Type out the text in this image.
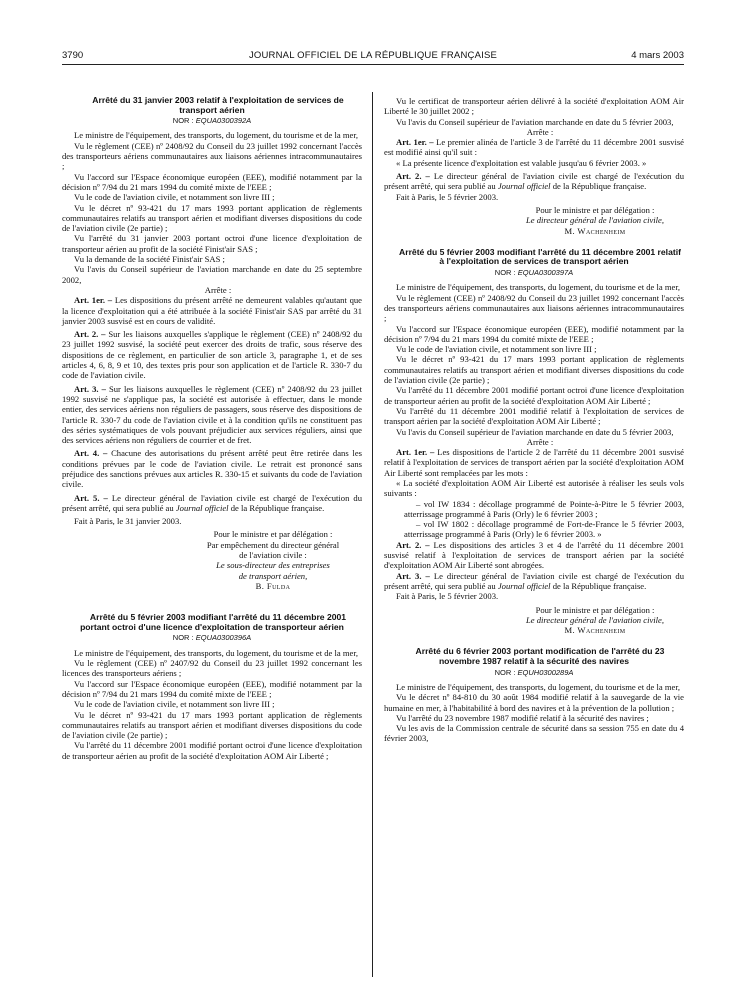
3790	JOURNAL OFFICIEL DE LA RÉPUBLIQUE FRANÇAISE	4 mars 2003

Arrêté du 31 janvier 2003 relatif à l'exploitation de services de transport aérien

NOR : EQUA0300392A

Le ministre de l'équipement, des transports, du logement, du tourisme et de la mer,

Vu le règlement (CEE) nº 2408/92 du Conseil du 23 juillet 1992 concernant l'accès des transporteurs aériens communautaires aux liaisons aériennes intracommunautaires ;

Vu l'accord sur l'Espace économique européen (EEE), modifié notamment par la décision nº 7/94 du 21 mars 1994 du comité mixte de l'EEE ;

Vu le code de l'aviation civile, et notamment son livre III ;

Vu le décret nº 93-421 du 17 mars 1993 portant application de règlements communautaires relatifs au transport aérien et modifiant diverses dispositions du code de l'aviation civile (2e partie) ;

Vu l'arrêté du 31 janvier 2003 portant octroi d'une licence d'exploitation de transporteur aérien au profit de la société Finist'air SAS ;

Vu la demande de la société Finist'air SAS ;

Vu l'avis du Conseil supérieur de l'aviation marchande en date du 25 septembre 2002,

Arrête :

Art. 1er. – Les dispositions du présent arrêté ne demeurent valables qu'autant que la licence d'exploitation qui a été attribuée à la société Finist'air SAS par arrêté du 31 janvier 2003 susvisé est en cours de validité.

Art. 2. – Sur les liaisons auxquelles s'applique le règlement (CEE) nº 2408/92 du 23 juillet 1992 susvisé, la société peut exercer des droits de trafic, sous réserve des dispositions de ce règlement, en particulier de son article 3, paragraphe 1, et de ses articles 4, 6, 8, 9 et 10, des textes pris pour son application et de l'article R. 330-7 du code de l'aviation civile.

Art. 3. – Sur les liaisons auxquelles le règlement (CEE) nº 2408/92 du 23 juillet 1992 susvisé ne s'applique pas, la société est autorisée à effectuer, dans le monde entier, des services aériens non réguliers de passagers, sous réserve des dispositions de l'article R. 330-7 du code de l'aviation civile et à la condition qu'ils ne constituent pas des séries systématiques de vols pouvant préjudicier aux services réguliers, ainsi que des services aériens non réguliers de courrier et de fret.

Art. 4. – Chacune des autorisations du présent arrêté peut être retirée dans les conditions prévues par le code de l'aviation civile. Le retrait est prononcé sans préjudice des sanctions prévues aux articles R. 330-15 et suivants du code de l'aviation civile.

Art. 5. – Le directeur général de l'aviation civile est chargé de l'exécution du présent arrêté, qui sera publié au Journal officiel de la République française.

Fait à Paris, le 31 janvier 2003.

Pour le ministre et par délégation :

Par empêchement du directeur général

de l'aviation civile :

Le sous-directeur des entreprises

de transport aérien,

B. Fulda

Arrêté du 5 février 2003 modifiant l'arrêté du 11 décembre 2001 portant octroi d'une licence d'exploitation de transporteur aérien

NOR : EQUA0300396A

Le ministre de l'équipement, des transports, du logement, du tourisme et de la mer,

Vu le règlement (CEE) nº 2407/92 du Conseil du 23 juillet 1992 concernant les licences des transporteurs aériens ;

Vu l'accord sur l'Espace économique européen (EEE), modifié notamment par la décision nº 7/94 du 21 mars 1994 du comité mixte de l'EEE ;

Vu le code de l'aviation civile, et notamment son livre III ;

Vu le décret nº 93-421 du 17 mars 1993 portant application de règlements communautaires relatifs au transport aérien et modifiant diverses dispositions du code de l'aviation civile (2e partie) ;

Vu l'arrêté du 11 décembre 2001 modifié portant octroi d'une licence d'exploitation de transporteur aérien au profit de la société d'exploitation AOM Air Liberté ;

Vu le certificat de transporteur aérien délivré à la société d'exploitation AOM Air Liberté le 30 juillet 2002 ;

Vu l'avis du Conseil supérieur de l'aviation marchande en date du 5 février 2003,

Arrête :

Art. 1er. – Le premier alinéa de l'article 3 de l'arrêté du 11 décembre 2001 susvisé est modifié ainsi qu'il suit :

« La présente licence d'exploitation est valable jusqu'au 6 février 2003. »

Art. 2. – Le directeur général de l'aviation civile est chargé de l'exécution du présent arrêté, qui sera publié au Journal officiel de la République française.

Fait à Paris, le 5 février 2003.

Pour le ministre et par délégation :

Le directeur général de l'aviation civile,

M. Wachenheim

Arrêté du 5 février 2003 modifiant l'arrêté du 11 décembre 2001 relatif à l'exploitation de services de transport aérien

NOR : EQUA0300397A

Le ministre de l'équipement, des transports, du logement, du tourisme et de la mer,

Vu le règlement (CEE) nº 2408/92 du Conseil du 23 juillet 1992 concernant l'accès des transporteurs aériens communautaires aux liaisons aériennes intracommunautaires ;

Vu l'accord sur l'Espace économique européen (EEE), modifié notamment par la décision nº 7/94 du 21 mars 1994 du comité mixte de l'EEE ;

Vu le code de l'aviation civile, et notamment son livre III ;

Vu le décret nº 93-421 du 17 mars 1993 portant application de règlements communautaires relatifs au transport aérien et modifiant diverses dispositions du code de l'aviation civile (2e partie) ;

Vu l'arrêté du 11 décembre 2001 modifié portant octroi d'une licence d'exploitation de transporteur aérien au profit de la société d'exploitation AOM Air Liberté ;

Vu l'arrêté du 11 décembre 2001 modifié relatif à l'exploitation de services de transport aérien par la société d'exploitation AOM Air Liberté ;

Vu l'avis du Conseil supérieur de l'aviation marchande en date du 5 février 2003,

Arrête :

Art. 1er. – Les dispositions de l'article 2 de l'arrêté du 11 décembre 2001 susvisé relatif à l'exploitation de services de transport aérien par la société d'exploitation AOM Air Liberté sont remplacées par les mots :

« La société d'exploitation AOM Air Liberté est autorisée à réaliser les seuls vols suivants :

– vol IW 1834 : décollage programmé de Pointe-à-Pitre le 5 février 2003, atterrissage programmé à Paris (Orly) le 6 février 2003 ;

– vol IW 1802 : décollage programmé de Fort-de-France le 5 février 2003, atterrissage programmé à Paris (Orly) le 6 février 2003. »

Art. 2. – Les dispositions des articles 3 et 4 de l'arrêté du 11 décembre 2001 susvisé relatif à l'exploitation de services de transport aérien par la société d'exploitation AOM Air Liberté sont abrogées.

Art. 3. – Le directeur général de l'aviation civile est chargé de l'exécution du présent arrêté, qui sera publié au Journal officiel de la République française.

Fait à Paris, le 5 février 2003.

Pour le ministre et par délégation :

Le directeur général de l'aviation civile,

M. Wachenheim

Arrêté du 6 février 2003 portant modification de l'arrêté du 23 novembre 1987 relatif à la sécurité des navires

NOR : EQUH0300289A

Le ministre de l'équipement, des transports, du logement, du tourisme et de la mer,

Vu le décret nº 84-810 du 30 août 1984 modifié relatif à la sauvegarde de la vie humaine en mer, à l'habitabilité à bord des navires et à la prévention de la pollution ;

Vu l'arrêté du 23 novembre 1987 modifié relatif à la sécurité des navires ;

Vu les avis de la Commission centrale de sécurité dans sa session 755 en date du 4 février 2003,
